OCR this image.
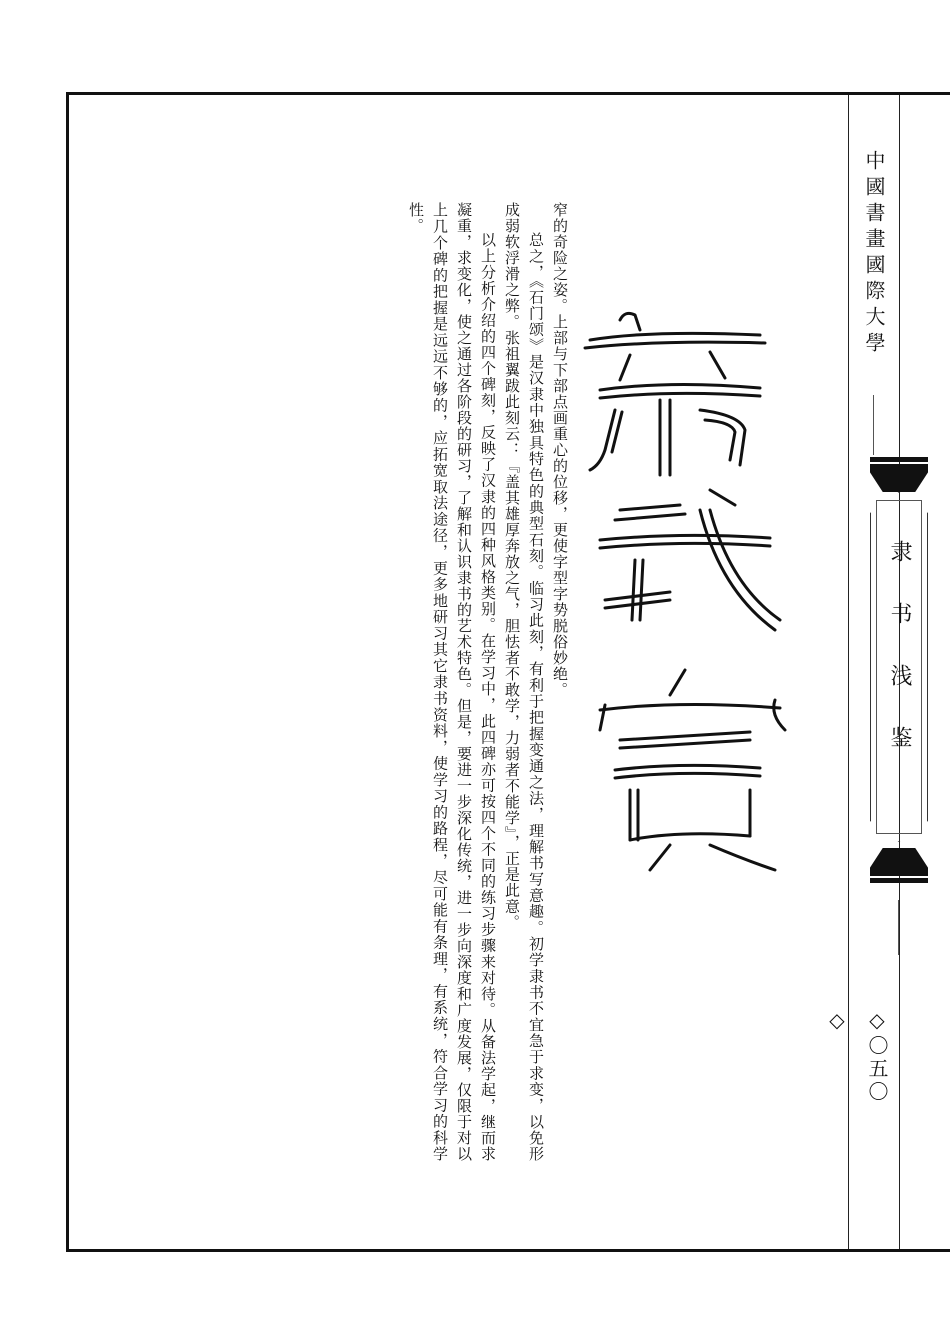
中國書畫國際大學
隶书浅鉴
◇〇五〇◇

窄的奇险之姿。上部与下部点画重心的位移，更使字型字势脱俗妙绝。

总之，《石门颂》是汉隶中独具特色的典型石刻。临习此刻，有利于把握变通之法，理解书写意趣。初学隶书不宜急于求变，以免形成弱软浮滑之弊。张祖翼跋此刻云：『盖其雄厚奔放之气，胆怯者不敢学，力弱者不能学』，正是此意。

以上分析介绍的四个碑刻，反映了汉隶的四种风格类别。在学习中，此四碑亦可按四个不同的练习步骤来对待。从备法学起，继而求凝重，求变化，使之通过各阶段的研习，了解和认识隶书的艺术特色。但是，要进一步深化传统，进一步向深度和广度发展，仅限于对以上几个碑的把握是远远不够的，应拓宽取法途径，更多地研习其它隶书资料，使学习的路程，尽可能有条理，有系统，符合学习的科学性。
